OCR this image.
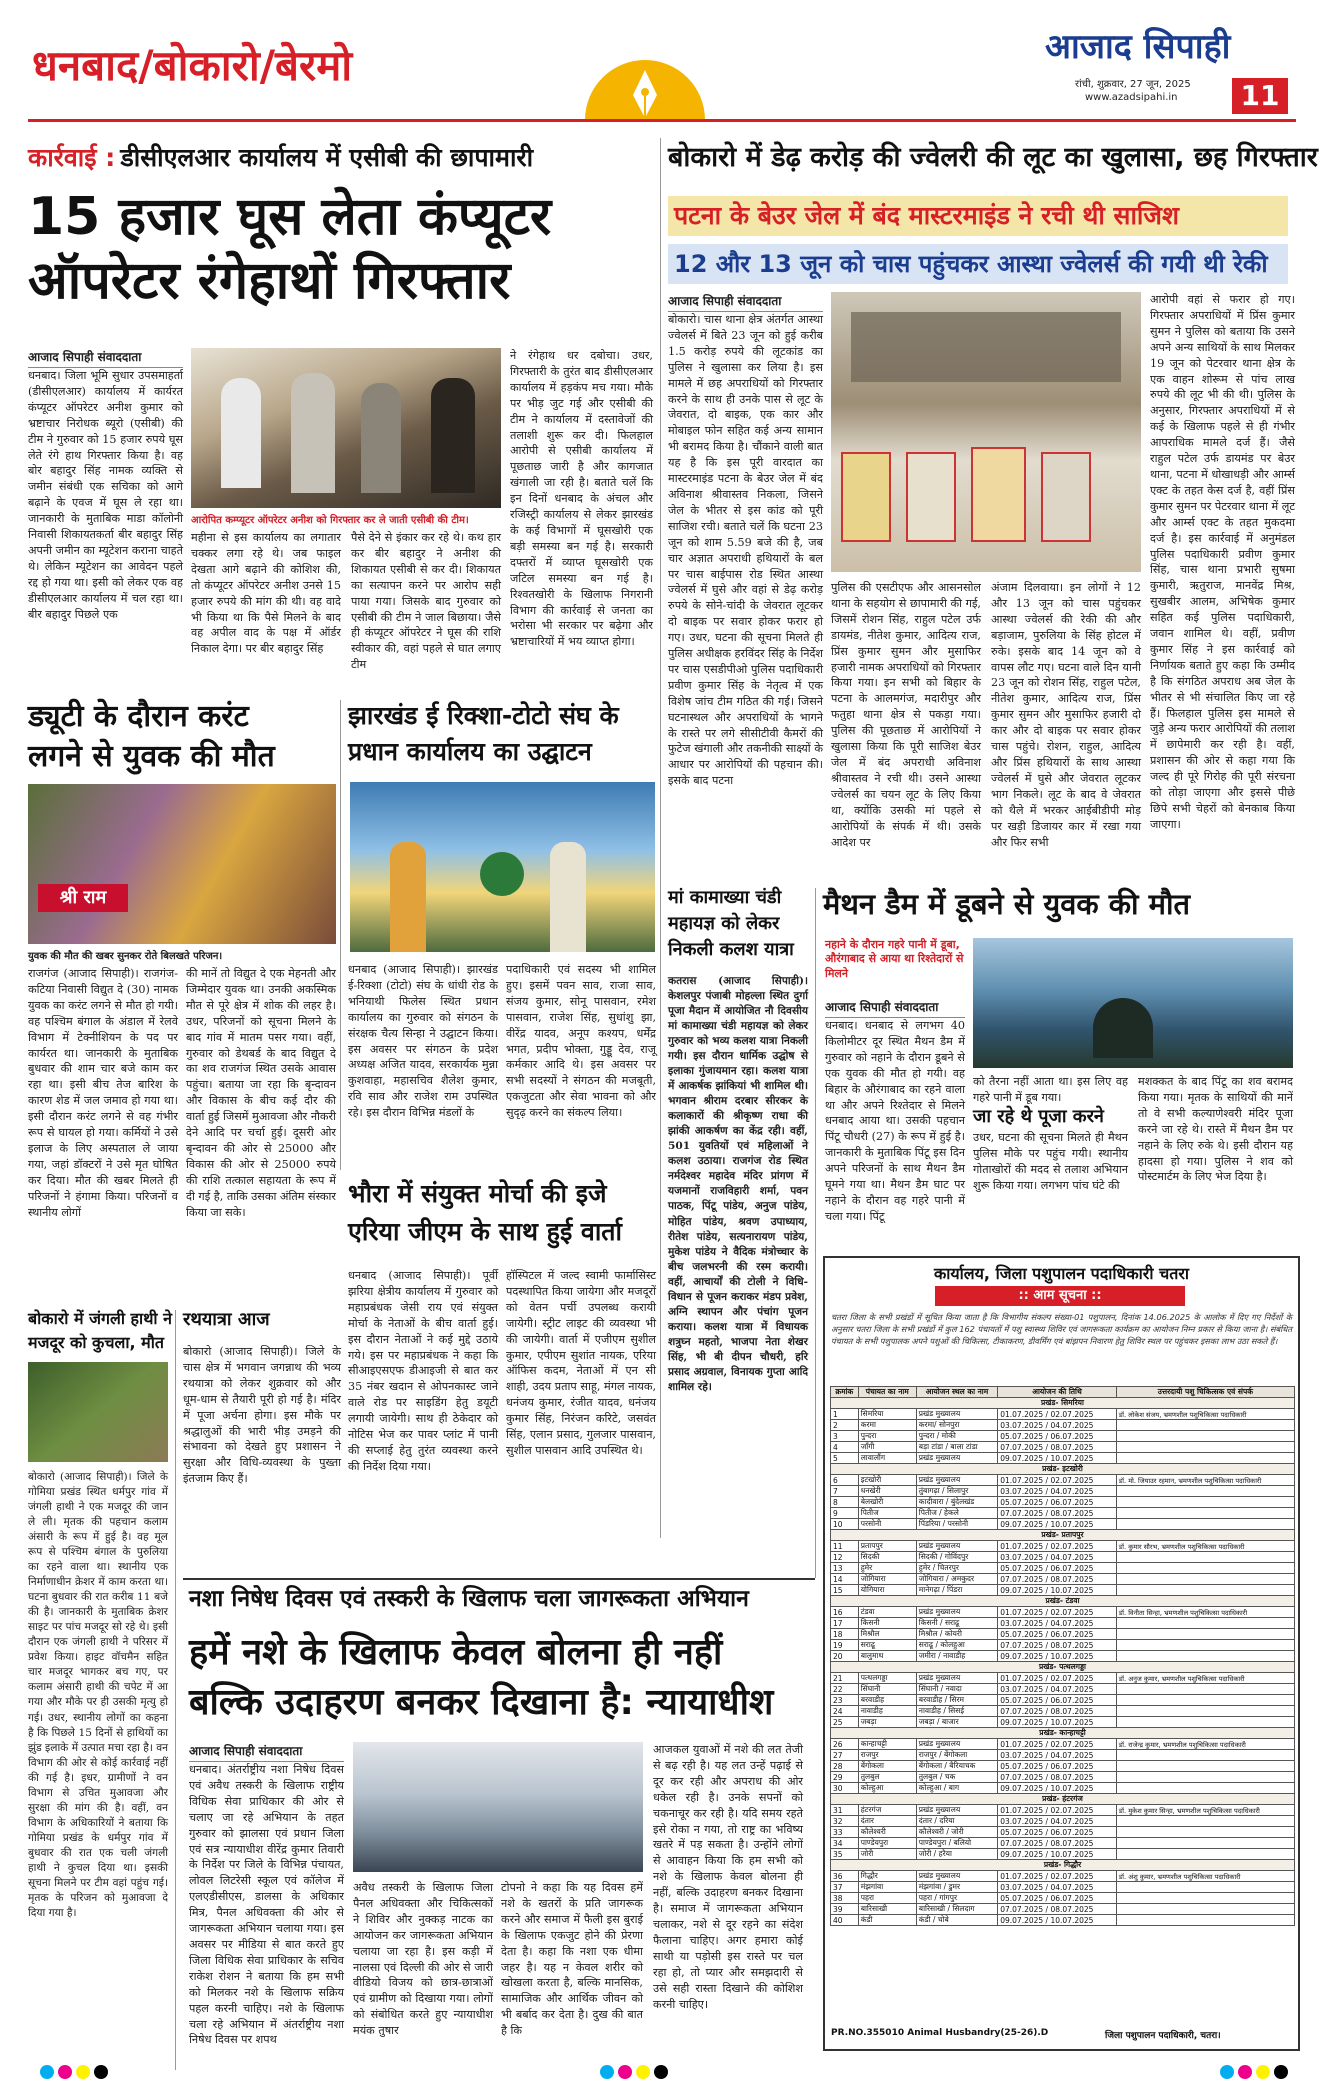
धनबाद/बोकारो/बेरमो	आजाद सिपाही
रांची, शुक्रवार, 27 जून, 2025
www.azadsipahi.in	11
कार्रवाई : डीसीएलआर कार्यालय में एसीबी की छापामारी
15 हजार घूस लेता कंप्यूटर
ऑपरेटर रंगेहाथों गिरफ्तार
आजाद सिपाही संवाददाता
धनबाद। जिला भूमि सुधार उपसमाहर्ता (डीसीएलआर) कार्यालय में कार्यरत कंप्यूटर ऑपरेटर अनीश कुमार को भ्रष्टाचार निरोधक ब्यूरो (एसीबी) की टीम ने गुरुवार को 15 हजार रुपये घूस लेते रंगे हाथ गिरफ्तार किया है। वह बोर बहादुर सिंह नामक व्यक्ति से जमीन संबंधी एक सचिका को आगे बढ़ाने के एवज में घूस ले रहा था। जानकारी के मुताबिक माडा कॉलोनी निवासी शिकायतकर्ता बीर बहादुर सिंह अपनी जमीन का म्यूटेशन कराना चाहते थे। लेकिन म्यूटेशन का आवेदन पहले रद्द हो गया था। इसी को लेकर एक वह डीसीएलआर कार्यालय में चल रहा था। बीर बहादुर पिछले एक
आरोपित कम्प्यूटर ऑपरेटर अनीश को गिरफ्तार कर ले जाती एसीबी की टीम।
महीना से इस कार्यालय का लगातार चक्कर लगा रहे थे। जब फाइल देखता आगे बढ़ाने की कोशिश की, तो कंप्यूटर ऑपरेटर अनीश उनसे 15 हजार रुपये की मांग की थी। वह वादे भी किया था कि पैसे मिलने के बाद वह अपील वाद के पक्ष में ऑर्डर निकाल देगा। पर बीर बहादुर सिंह
पैसे देने से इंकार कर रहे थे। कथ हार कर बीर बहादुर ने अनीश की शिकायत एसीबी से कर दी। शिकायत का सत्यापन करने पर आरोप सही पाया गया। जिसके बाद गुरुवार को एसीबी की टीम ने जाल बिछाया। जैसे ही कंप्यूटर ऑपरेटर ने घूस की राशि स्वीकार की, वहां पहले से घात लगाए टीम
ने रंगेहाथ धर दबोचा। उधर, गिरफ्तारी के तुरंत बाद डीसीएलआर कार्यालय में हड़कंप मच गया। मौके पर भीड़ जुट गई और एसीबी की टीम ने कार्यालय में दस्तावेजों की तलाशी शुरू कर दी। फिलहाल आरोपी से एसीबी कार्यालय में पूछताछ जारी है और कागजात खंगाली जा रही है। बताते चलें कि इन दिनों धनबाद के अंचल और रजिस्ट्री कार्यालय से लेकर झारखंड के कई विभागों में घूसखोरी एक बड़ी समस्या बन गई है। सरकारी दफ्तरों में व्याप्त घूसखोरी एक जटिल समस्या बन गई है। रिश्वतखोरी के खिलाफ निगरानी विभाग की कार्रवाई से जनता का भरोसा भी सरकार पर बढ़ेगा और भ्रष्टाचारियों में भय व्याप्त होगा।
बोकारो में डेढ़ करोड़ की ज्वेलरी की लूट का खुलासा, छह गिरफ्तार
पटना के बेउर जेल में बंद मास्टरमाइंड ने रची थी साजिश
12 और 13 जून को चास पहुंचकर आस्था ज्वेलर्स की गयी थी रेकी
आजाद सिपाही संवाददाता
बोकारो। चास थाना क्षेत्र अंतर्गत आस्था ज्वेलर्स में बिते 23 जून को हुई करीब 1.5 करोड़ रुपये की लूटकांड का पुलिस ने खुलासा कर लिया है। इस मामले में छह अपराधियों को गिरफ्तार करने के साथ ही उनके पास से लूट के जेवरात, दो बाइक, एक कार और मोबाइल फोन सहित कई अन्य सामान भी बरामद किया है। चौंकाने वाली बात यह है कि इस पूरी वारदात का मास्टरमाइंड पटना के बेउर जेल में बंद अविनाश श्रीवास्तव निकला, जिसने जेल के भीतर से इस कांड को पूरी साजिश रची। बताते चलें कि घटना 23 जून को शाम 5.59 बजे की है, जब चार अज्ञात अपराधी हथियारों के बल पर चास बाईपास रोड स्थित आस्था ज्वेलर्स में घुसे और वहां से डेढ़ करोड़ रुपये के सोने-चांदी के जेवरात लूटकर दो बाइक पर सवार होकर फरार हो गए। उधर, घटना की सूचना मिलते ही पुलिस अधीक्षक हरविंदर सिंह के निर्देश पर चास एसडीपीओ पुलिस पदाधिकारी प्रवीण कुमार सिंह के नेतृत्व में एक विशेष जांच टीम गठित की गई। जिसने घटनास्थल और अपराधियों के भागने के रास्ते पर लगे सीसीटीवी कैमरों की फुटेज खंगाली और तकनीकी साक्ष्यों के आधार पर आरोपियों की पहचान की। इसके बाद पटना
पुलिस की एसटीएफ और आसनसोल थाना के सहयोग से छापामारी की गई, जिसमें रोशन सिंह, राहुल पटेल उर्फ डायमंड, नीतेश कुमार, आदित्य राज, प्रिंस कुमार सुमन और मुसाफिर हजारी नामक अपराधियों को गिरफ्तार किया गया। इन सभी को बिहार के पटना के आलमगंज, मदारीपुर और फतुहा थाना क्षेत्र से पकड़ा गया। पुलिस की पूछताछ में आरोपियों ने खुलासा किया कि पूरी साजिश बेउर जेल में बंद अपराधी अविनाश श्रीवास्तव ने रची थी। उसने आस्था ज्वेलर्स का चयन लूट के लिए किया था, क्योंकि उसकी मां पहले से आरोपियों के संपर्क में थी। उसके आदेश पर
अंजाम दिलवाया। इन लोगों ने 12 और 13 जून को चास पहुंचकर आस्था ज्वेलर्स की रेकी की और बड़ाजाम, पुरुलिया के सिंह होटल में रुके। इसके बाद 14 जून को वे वापस लौट गए। घटना वाले दिन यानी 23 जून को रोशन सिंह, राहुल पटेल, नीतेश कुमार, आदित्य राज, प्रिंस कुमार सुमन और मुसाफिर हजारी दो कार और दो बाइक पर सवार होकर चास पहुंचे। रोशन, राहुल, आदित्य और प्रिंस हथियारों के साथ आस्था ज्वेलर्स में घुसे और जेवरात लूटकर भाग निकले। लूट के बाद वे जेवरात को थैले में भरकर आईबीडीपी मोड़ पर खड़ी डिजायर कार में रखा गया और फिर सभी
आरोपी वहां से फरार हो गए। गिरफ्तार अपराधियों में प्रिंस कुमार सुमन ने पुलिस को बताया कि उसने अपने अन्य साथियों के साथ मिलकर 19 जून को पेटरवार थाना क्षेत्र के एक वाहन शोरूम से पांच लाख रुपये की लूट भी की थी। पुलिस के अनुसार, गिरफ्तार अपराधियों में से कई के खिलाफ पहले से ही गंभीर आपराधिक मामले दर्ज हैं। जैसे राहुल पटेल उर्फ डायमंड पर बेउर थाना, पटना में धोखाधड़ी और आर्म्स एक्ट के तहत केस दर्ज है, वहीं प्रिंस कुमार सुमन पर पेटरवार थाना में लूट और आर्म्स एक्ट के तहत मुकदमा दर्ज है। इस कार्रवाई में अनुमंडल पुलिस पदाधिकारी प्रवीण कुमार सिंह, चास थाना प्रभारी सुषमा कुमारी, ऋतुराज, मानवेंद्र मिश्र, सुखबीर आलम, अभिषेक कुमार सहित कई पुलिस पदाधिकारी, जवान शामिल थे। वहीं, प्रवीण कुमार सिंह ने इस कार्रवाई को निर्णायक बताते हुए कहा कि उम्मीद है कि संगठित अपराध अब जेल के भीतर से भी संचालित किए जा रहे हैं। फिलहाल पुलिस इस मामले से जुड़े अन्य फरार आरोपियों की तलाश में छापेमारी कर रही है। वहीं, प्रशासन की ओर से कहा गया कि जल्द ही पूरे गिरोह की पूरी संरचना को तोड़ा जाएगा और इससे पीछे छिपे सभी चेहरों को बेनकाब किया जाएगा।
ड्यूटी के दौरान करंट
लगने से युवक की मौत
श्री राम
युवक की मौत की खबर सुनकर रोते बिलखते परिजन।
राजगंज (आजाद सिपाही)। राजगंज-कटिया निवासी विद्युत दे (30) नामक युवक का करंट लगने से मौत हो गयी। वह पश्चिम बंगाल के अंडाल में रेलवे विभाग में टेक्नीशियन के पद पर कार्यरत था। जानकारी के मुताबिक बुधवार की शाम चार बजे काम कर रहा था। इसी बीच तेज बारिश के कारण शेड में जल जमाव हो गया था। इसी दौरान करंट लगने से वह गंभीर रूप से घायल हो गया। कर्मियों ने उसे इलाज के लिए अस्पताल ले जाया गया, जहां डॉक्टरों ने उसे मृत घोषित कर दिया। मौत की खबर मिलते ही परिजनों ने हंगामा किया। परिजनों व स्थानीय लोगों
की मानें तो विद्युत दे एक मेहनती और जिम्मेदार युवक था। उनकी अकस्मिक मौत से पूरे क्षेत्र में शोक की लहर है। उधर, परिजनों को सूचना मिलने के बाद गांव में मातम पसर गया। वहीं, गुरुवार को डेथबर्ड के बाद विद्युत दे का शव राजगंज स्थित उसके आवास पहुंचा। बताया जा रहा कि बृन्दावन और विकास के बीच कई दौर की वार्ता हुई जिसमें मुआवजा और नौकरी देने आदि पर चर्चा हुई। दूसरी ओर बृन्दावन की ओर से 25000 और विकास की ओर से 25000 रुपये की राशि तत्काल सहायता के रूप में दी गई है, ताकि उसका अंतिम संस्कार किया जा सके।
झारखंड ई रिक्शा-टोटो संघ के
प्रधान कार्यालय का उद्घाटन
धनबाद (आजाद सिपाही)। झारखंड ई-रिक्शा (टोटो) संघ के धांधी रोड के भनियाथी फिलेस स्थित प्रधान कार्यालय का गुरुवार को संगठन के संरक्षक चैत्य सिन्हा ने उद्घाटन किया। इस अवसर पर संगठन के प्रदेश अध्यक्ष अजित यादव, सरकार्यक मुन्ना कुशवाहा, महासचिव शैलेश कुमार, रवि साव और राजेश राम उपस्थित रहे। इस दौरान विभिन्न मंडलों के
पदाधिकारी एवं सदस्य भी शामिल हुए। इसमें पवन साव, राजा साव, संजय कुमार, सोनू पासवान, रमेश पासवान, राजेश सिंह, सुधांशु झा, वीरेंद्र यादव, अनूप कश्यप, धर्मेंद्र भगत, प्रदीप भोक्ता, गुड्डू देव, राजू कर्मकार आदि थे। इस अवसर पर सभी सदस्यों ने संगठन की मजबूती, एकजुटता और सेवा भावना को और सुदृढ़ करने का संकल्प लिया।
भौरा में संयुक्त मोर्चा की इजे
एरिया जीएम के साथ हुई वार्ता
धनबाद (आजाद सिपाही)। पूर्वी झरिया क्षेत्रीय कार्यालय में गुरुवार को महाप्रबंधक जेसी राय एवं संयुक्त मोर्चा के नेताओं के बीच वार्ता हुई। इस दौरान नेताओं ने कई मुद्दे उठाये गये। इस पर महाप्रबंधक ने कहा कि सीआइएसएफ डीआइजी से बात कर 35 नंबर खदान से ओपनकास्ट जाने वाले रोड पर साइडिंग हेतु डयूटी लगायी जायेगी। साथ ही ठेकेदार को नोटिस भेज कर पावर प्लांट में पानी की सप्लाई हेतु तुरंत व्यवस्था करने की निर्देश दिया गया।
हॉस्पिटल में जल्द स्वामी फार्मासिस्ट पदस्थापित किया जायेगा और मजदूरों को वेतन पर्ची उपलब्ध करायी जायेगी। स्ट्रीट लाइट की व्यवस्था भी की जायेगी। वार्ता में एजीएम सुशील कुमार, एपीएम सुशांत नायक, एरिया ऑफिस कदम, नेताओं में एन सी शाही, उदय प्रताप साहू, मंगल नायक, धनंजय कुमार, रंजीत यादव, धनंजय कुमार सिंह, निरंजन करिटे, जसवंत सिंह, एलान प्रसाद, गुलजार पासवान, सुशील पासवान आदि उपस्थित थे।
बोकारो में जंगली हाथी ने
मजदूर को कुचला, मौत
बोकारो (आजाद सिपाही)। जिले के गोमिया प्रखंड स्थित धर्मपुर गांव में जंगली हाथी ने एक मजदूर की जान ले ली। मृतक की पहचान कलाम अंसारी के रूप में हुई है। वह मूल रूप से पश्चिम बंगाल के पुरुलिया का रहने वाला था। स्थानीय एक निर्माणाधीन क्रेशर में काम करता था। घटना बुधवार की रात करीब 11 बजे की है। जानकारी के मुताबिक क्रेशर साइट पर पांच मजदूर सो रहे थे। इसी दौरान एक जंगली हाथी ने परिसर में प्रवेश किया। हाइट वॉचमैन सहित चार मजदूर भागकर बच गए, पर कलाम अंसारी हाथी की चपेट में आ गया और मौके पर ही उसकी मृत्यु हो गई। उधर, स्थानीय लोगों का कहना है कि पिछले 15 दिनों से हाथियों का झुंड इलाके में उत्पात मचा रहा है। वन विभाग की ओर से कोई कार्रवाई नहीं की गई है। इधर, ग्रामीणों ने वन विभाग से उचित मुआवजा और सुरक्षा की मांग की है। वहीं, वन विभाग के अधिकारियों ने बताया कि गोमिया प्रखंड के धर्मपुर गांव में बुधवार की रात एक चली जंगली हाथी ने कुचल दिया था। इसकी सूचना मिलने पर टीम वहां पहुंच गई। मृतक के परिजन को मुआवजा दे दिया गया है।
रथयात्रा आज
बोकारो (आजाद सिपाही)। जिले के चास क्षेत्र में भगवान जगन्नाथ की भव्य रथयात्रा को लेकर शुक्रवार को और धूम-धाम से तैयारी पूरी हो गई है। मंदिर में पूजा अर्चना होगा। इस मौके पर श्रद्धालुओं की भारी भीड़ उमड़ने की संभावना को देखते हुए प्रशासन ने सुरक्षा और विधि-व्यवस्था के पुख्ता इंतजाम किए हैं।
मां कामाख्या चंडी
महायज्ञ को लेकर
निकली कलश यात्रा
कतरास (आजाद सिपाही)। केशलपुर पंजाबी मोहल्ला स्थित दुर्गा पूजा मैदान में आयोजित नौ दिवसीय मां कामाख्या चंडी महायज्ञ को लेकर गुरुवार को भव्य कलश यात्रा निकली गयी। इस दौरान धार्मिक उद्घोष से इलाका गुंजायमान रहा। कलश यात्रा में आकर्षक झांकियां भी शामिल थी। भगवान श्रीराम दरबार सीरकर के कलाकारों की श्रीकृष्ण राधा की झांकी आकर्षण का केंद्र रही। वहीं, 501 युवतियों एवं महिलाओं ने कलश उठाया। राजगंज रोड स्थित नर्मदेश्वर महादेव मंदिर प्रांगण में यजमानों राजविहारी शर्मा, पवन पाठक, पिंटू पांडेय, अनुज पांडेय, मोहित पांडेय, श्रवण उपाध्याय, रीतेश पांडेय, सत्यनारायण पांडेय, मुकेश पांडेय ने वैदिक मंत्रोच्चार के बीच जलभरनी की रस्म करायी। वहीं, आचार्यों की टोली ने विधि-विधान से पूजन कराकर मंडप प्रवेश, अग्नि स्थापन और पंचांग पूजन कराया। कलश यात्रा में विधायक शत्रुघ्न महतो, भाजपा नेता शेखर सिंह, भी बी दीपन चौधरी, हरि प्रसाद अग्रवाल, विनायक गुप्ता आदि शामिल रहे।
मैथन डैम में डूबने से युवक की मौत
नहाने के दौरान गहरे पानी में डूबा, औरंगाबाद से आया था रिश्तेदारों से मिलने
आजाद सिपाही संवाददाता
धनबाद। धनबाद से लगभग 40 किलोमीटर दूर स्थित मैथन डैम में गुरुवार को नहाने के दौरान डूबने से एक युवक की मौत हो गयी। वह बिहार के औरंगाबाद का रहने वाला था और अपने रिश्तेदार से मिलने धनबाद आया था। उसकी पहचान पिंटू चौधरी (27) के रूप में हुई है। जानकारी के मुताबिक पिंटू इस दिन अपने परिजनों के साथ मैथन डैम घूमने गया था। मैथन डैम घाट पर नहाने के दौरान वह गहरे पानी में चला गया। पिंटू
को तैरना नहीं आता था। इस लिए वह गहरे पानी में डूब गया।
जा रहे थे पूजा करने
उधर, घटना की सूचना मिलते ही मैथन पुलिस मौके पर पहुंच गयी। स्थानीय गोताखोरों की मदद से तलाश अभियान शुरू किया गया। लगभग पांच घंटे की
मशक्कत के बाद पिंटू का शव बरामद किया गया। मृतक के साथियों की मानें तो वे सभी कल्याणेश्वरी मंदिर पूजा करने जा रहे थे। रास्ते में मैथन डैम पर नहाने के लिए रुके थे। इसी दौरान यह हादसा हो गया। पुलिस ने शव को पोस्टमार्टम के लिए भेज दिया है।
कार्यालय, जिला पशुपालन पदाधिकारी चतरा
:: आम सूचना ::
चतरा जिला के सभी प्रखंडों में सूचित किया जाता है कि विभागीय संकल्प संख्या-01 पशुपालन, दिनांक 14.06.2025 के आलोक में दिए गए निर्देशों के अनुसार चतरा जिला के सभी प्रखंडों में कुल 162 पंचायतों में पशु स्वास्थ्य शिविर एवं जागरूकता कार्यक्रम का आयोजन निम्न प्रकार से किया जाना है। संबंधित पंचायत के सभी पशुपालक अपने पशुओं की चिकित्सा, टीकाकरण, डीवर्मिंग एवं बांझपन निवारण हेतु शिविर स्थल पर पहुंचकर इसका लाभ उठा सकते हैं।
क्रमांक	पंचायत का नाम	आयोजन स्थल का नाम	आयोजन की तिथि	उत्तरदायी पशु चिकित्सक एवं संपर्क
प्रखंड- सिमरिया				
1	सिमरिया	प्रखंड मुख्यालय	01.07.2025 / 02.07.2025	डॉ. लोकेश संजय, भ्रमणशील पशुचिकित्सा पदाधिकारी
2	करमा	करमा/ सोनपुरा	03.07.2025 / 04.07.2025	
3	पुन्दरा	पुन्दरा / मोकी	05.07.2025 / 06.07.2025	
4	जाँगी	बड़ा टांडा / बाला टांडा	07.07.2025 / 08.07.2025	
5	लावालौंग	प्रखंड मुख्यालय	09.07.2025 / 10.07.2025	
प्रखंड- इटखोरी				
6	इटखोरी	प्रखंड मुख्यालय	01.07.2025 / 02.07.2025	डॉ. मो. जियाउर रहमान, भ्रमणशील पशुचिकित्सा पदाधिकारी
7	धनखेरी	तुंबागढ़ा / सिलापुर	03.07.2025 / 04.07.2025	
8	बेलखोरी	कादीवारा / बुंदेलखंड	05.07.2025 / 06.07.2025	
9	पितीज	पितीज / हेकले	07.07.2025 / 08.07.2025	
10	परसोनी	पिंडरिया / परसोनी	09.07.2025 / 10.07.2025	
प्रखंड- प्रतापपुर				
11	प्रतापपुर	प्रखंड मुख्यालय	01.07.2025 / 02.07.2025	डॉ. कुमार सौरभ, भ्रमणशील पशुचिकित्सा पदाधिकारी
12	सिदकी	सिदकी / गोविंदपुर	03.07.2025 / 04.07.2025	
13	हुमेर	हुमेर / चितरपुर	05.07.2025 / 06.07.2025	
14	जोगियारा	जोगियारा / अमकुदर	07.07.2025 / 08.07.2025	
15	योगियारा	मानेगढ़ा / पिंडरा	09.07.2025 / 10.07.2025	
प्रखंड- टंडवा				
16	टंडवा	प्रखंड मुख्यालय	01.07.2025 / 02.07.2025	डॉ. विनीता सिन्हा, भ्रमणशील पशुचिकित्सा पदाधिकारी
17	किसनी	किसनी / सराढू	03.07.2025 / 04.07.2025	
18	मिश्रौल	मिश्रौल / कोयरी	05.07.2025 / 06.07.2025	
19	सराढू	सराढू / कोलहुआ	07.07.2025 / 08.07.2025	
20	बालुमाथ	जमीरा / नावाडीह	09.07.2025 / 10.07.2025	
प्रखंड- पत्थलगड्डा				
21	पत्थलगड्डा	प्रखंड मुख्यालय	01.07.2025 / 02.07.2025	डॉ. अनुज कुमार, भ्रमणशील पशुचिकित्सा पदाधिकारी
22	सिंघानी	सिंघानी / नवादा	03.07.2025 / 04.07.2025	
23	बरवाडीह	बरवाडीह / सिरम	05.07.2025 / 06.07.2025	
24	नावाडीह	नावाडीह / सिसई	07.07.2025 / 08.07.2025	
25	जबड़ा	जबड़ा / बाजार	09.07.2025 / 10.07.2025	
प्रखंड- कान्हाचट्टी				
26	कान्हाचट्टी	प्रखंड मुख्यालय	01.07.2025 / 02.07.2025	डॉ. राजेन्द्र कुमार, भ्रमणशील पशुचिकित्सा पदाधिकारी
27	राजपुर	राजपुर / बेंगोकला	03.07.2025 / 04.07.2025	
28	बेंगोकला	बेंगोकला / बैरियाचक	05.07.2025 / 06.07.2025	
29	तुलबुल	तुलबुल / चक	07.07.2025 / 08.07.2025	
30	कोल्हुआ	कोल्हुआ / बाग	09.07.2025 / 10.07.2025	
प्रखंड- हंटरगंज				
31	हंटरगंज	प्रखंड मुख्यालय	01.07.2025 / 02.07.2025	डॉ. मुकेश कुमार सिन्हा, भ्रमणशील पशुचिकित्सा पदाधिकारी
32	दंतार	दंतार / दरिया	03.07.2025 / 04.07.2025	
33	कौलेश्वरी	कौलेश्वरी / जोरी	05.07.2025 / 06.07.2025	
34	पाण्डेयपुरा	पाण्डेयपुरा / बलियो	07.07.2025 / 08.07.2025	
35	जोरी	जोरी / हरैया	09.07.2025 / 10.07.2025	
प्रखंड- गिद्धौर				
36	गिद्धौर	प्रखंड मुख्यालय	01.07.2025 / 02.07.2025	डॉ. अंशु कुमार, भ्रमणशील पशुचिकित्सा पदाधिकारी
37	मंझगांवा	मंझगांवा / डुमर	03.07.2025 / 04.07.2025	
38	पहरा	पहरा / गांगपुर	05.07.2025 / 06.07.2025	
39	बारिसाखी	बारिसाखी / सिलदाग	07.07.2025 / 08.07.2025	
40	कंडी	कंडी / चोबे	09.07.2025 / 10.07.2025	
PR.NO.355010 Animal Husbandry(25-26).D	जिला पशुपालन पदाधिकारी, चतरा।
नशा निषेध दिवस एवं तस्करी के खिलाफ चला जागरूकता अभियान
हमें नशे के खिलाफ केवल बोलना ही नहीं
बल्कि उदाहरण बनकर दिखाना है: न्यायाधीश
आजाद सिपाही संवाददाता
धनबाद। अंतर्राष्ट्रीय नशा निषेध दिवस एवं अवैध तस्करी के खिलाफ राष्ट्रीय विधिक सेवा प्राधिकार की ओर से चलाए जा रहे अभियान के तहत गुरुवार को झालसा एवं प्रधान जिला एवं सत्र न्यायाधीश वीरेंद्र कुमार तिवारी के निर्देश पर जिले के विभिन्न पंचायत, लोवल लिटरेसी स्कूल एवं कॉलेज में एलएडीसीएस, डालसा के अधिकार मित्र, पैनल अधिवक्ता की ओर से जागरूकता अभियान चलाया गया। इस अवसर पर मीडिया से बात करते हुए जिला विधिक सेवा प्राधिकार के सचिव राकेश रोशन ने बताया कि हम सभी को मिलकर नशे के खिलाफ सक्रिय पहल करनी चाहिए। नशे के खिलाफ चला रहे अभियान में अंतर्राष्ट्रीय नशा निषेध दिवस पर शपथ
अवैध तस्करी के खिलाफ जिला पैनल अधिवक्ता और चिकित्सकों ने शिविर और नुक्कड़ नाटक का आयोजन कर जागरूकता अभियान चलाया जा रहा है। इस कड़ी में नालसा एवं दिल्ली की ओर से जारी वीडियो विजय को छात्र-छात्राओं एवं ग्रामीण को दिखाया गया। लोगों को संबोधित करते हुए न्यायाधीश मयंक तुषार
टोपनो ने कहा कि यह दिवस हमें नशे के खतरों के प्रति जागरूक करने और समाज में फैली इस बुराई के खिलाफ एकजुट होने की प्रेरणा देता है। कहा कि नशा एक धीमा जहर है। यह न केवल शरीर को खोखला करता है, बल्कि मानसिक, सामाजिक और आर्थिक जीवन को भी बर्बाद कर देता है। दुख की बात है कि
आजकल युवाओं में नशे की लत तेजी से बढ़ रही है। यह लत उन्हें पढ़ाई से दूर कर रही और अपराध की ओर धकेल रही है। उनके सपनों को चकनाचूर कर रही है। यदि समय रहते इसे रोका न गया, तो राष्ट्र का भविष्य खतरे में पड़ सकता है। उन्होंने लोगों से आवाहन किया कि हम सभी को नशे के खिलाफ केवल बोलना ही नहीं, बल्कि उदाहरण बनकर दिखाना है। समाज में जागरूकता अभियान चलाकर, नशे से दूर रहने का संदेश फैलाना चाहिए। अगर हमारा कोई साथी या पड़ोसी इस रास्ते पर चल रहा हो, तो प्यार और समझदारी से उसे सही रास्ता दिखाने की कोशिश करनी चाहिए।
